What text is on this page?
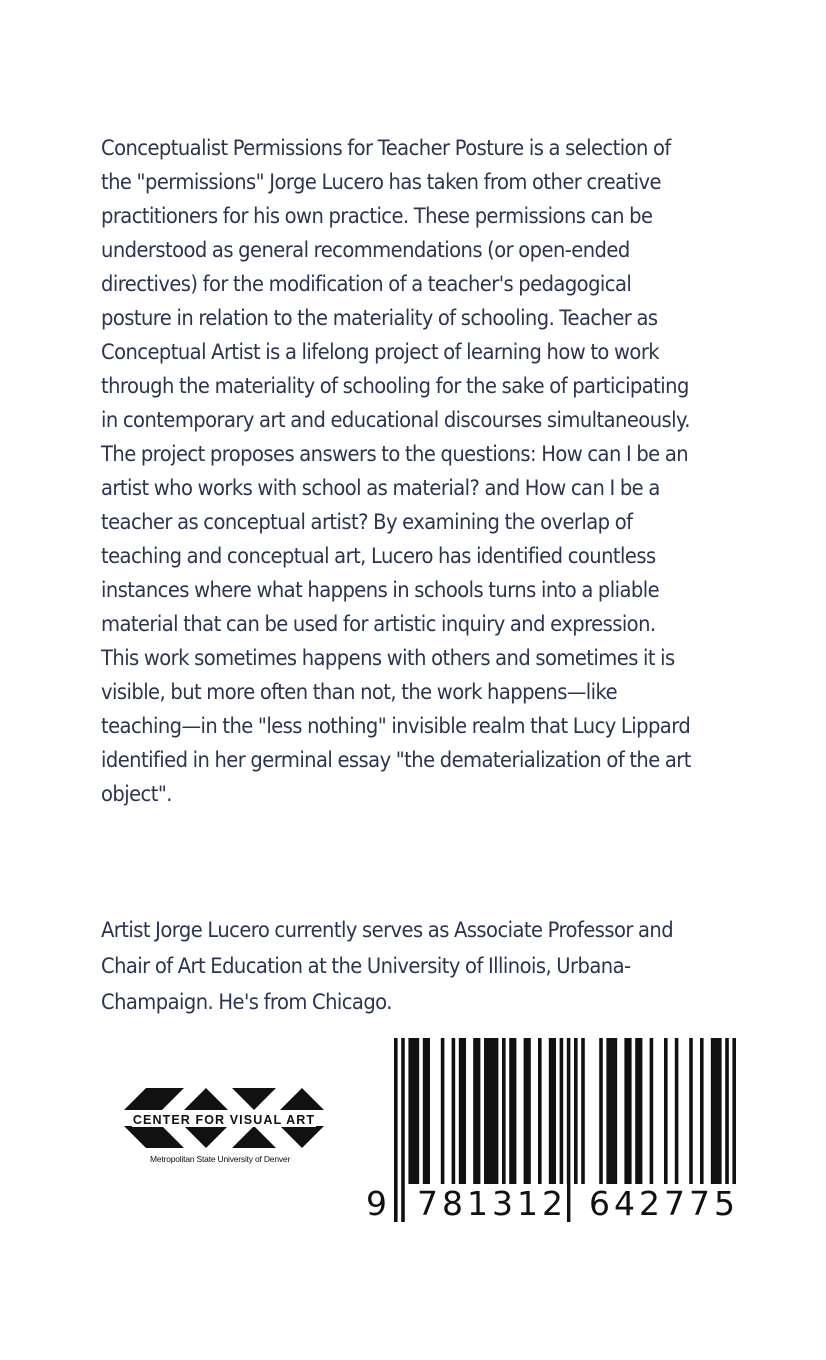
Conceptualist Permissions for Teacher Posture is a selection of the "permissions" Jorge Lucero has taken from other creative practitioners for his own practice. These permissions can be understood as general recommendations (or open-ended directives) for the modification of a teacher's pedagogical posture in relation to the materiality of schooling. Teacher as Conceptual Artist is a lifelong project of learning how to work through the materiality of schooling for the sake of participating in contemporary art and educational discourses simultaneously. The project proposes answers to the questions: How can I be an artist who works with school as material? and How can I be a teacher as conceptual artist? By examining the overlap of teaching and conceptual art, Lucero has identified countless instances where what happens in schools turns into a pliable material that can be used for artistic inquiry and expression. This work sometimes happens with others and sometimes it is visible, but more often than not, the work happens—like teaching—in the "less nothing" invisible realm that Lucy Lippard identified in her germinal essay "the dematerialization of the art object".

Artist Jorge Lucero currently serves as Associate Professor and Chair of Art Education at the University of Illinois, Urbana-Champaign. He's from Chicago.

CENTER FOR VISUAL ART
Metropolitan State University of Denver
9 781312 642775
